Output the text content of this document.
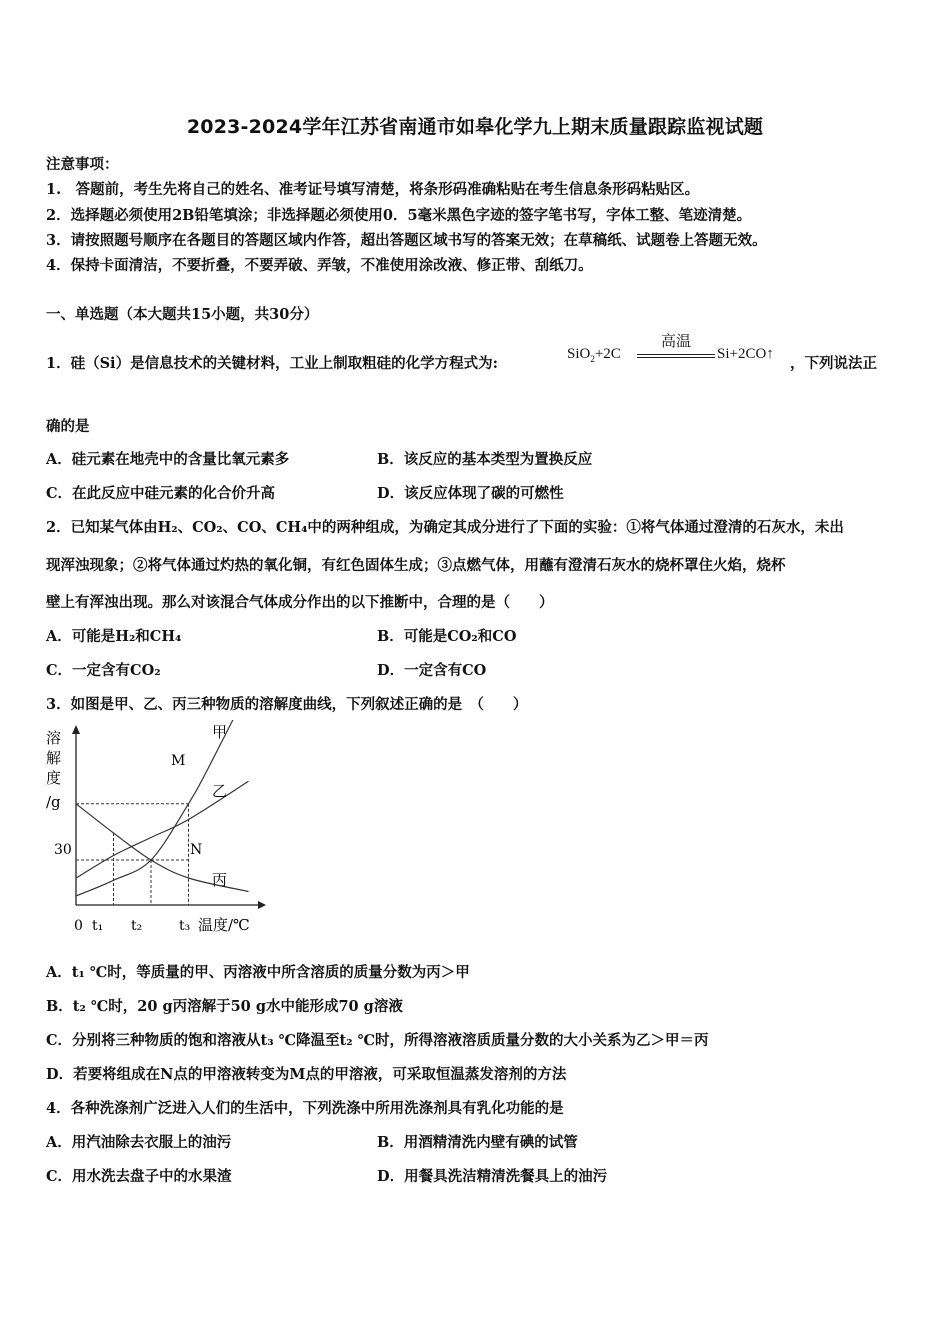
2023-2024学年江苏省南通市如皋化学九上期末质量跟踪监视试题
注意事项：
1.　答题前，考生先将自己的姓名、准考证号填写清楚，将条形码准确粘贴在考生信息条形码粘贴区。
2．选择题必须使用2B铅笔填涂；非选择题必须使用0．5毫米黑色字迹的签字笔书写，字体工整、笔迹清楚。
3．请按照题号顺序在各题目的答题区域内作答，超出答题区域书写的答案无效；在草稿纸、试题卷上答题无效。
4．保持卡面清洁，不要折叠，不要弄破、弄皱，不准使用涂改液、修正带、刮纸刀。
一、单选题（本大题共15小题，共30分）
1．硅（Si）是信息技术的关键材料，工业上制取粗硅的化学方程式为:
SiO$_2$+2C
高温
Si+2CO↑
，下列说法正
确的是
A．硅元素在地壳中的含量比氧元素多	B．该反应的基本类型为置换反应
C．在此反应中硅元素的化合价升高	D．该反应体现了碳的可燃性
2．已知某气体由H₂、CO₂、CO、CH₄中的两种组成，为确定其成分进行了下面的实验：①将气体通过澄清的石灰水，未出
现浑浊现象；②将气体通过灼热的氧化铜，有红色固体生成；③点燃气体，用蘸有澄清石灰水的烧杯罩住火焰，烧杯
壁上有浑浊出现。那么对该混合气体成分作出的以下推断中，合理的是（　　）
A．可能是H₂和CH₄	B．可能是CO₂和CO
C．一定含有CO₂	D．一定含有CO
3．如图是甲、乙、丙三种物质的溶解度曲线，下列叙述正确的是　（　　）
溶
解
度
/g
30
0 t₁ t₂	t₃ 温度/℃
甲
乙
丙
M
N
A．t₁ ℃时，等质量的甲、丙溶液中所含溶质的质量分数为丙＞甲
B．t₂ ℃时，20 g丙溶解于50 g水中能形成70 g溶液
C．分别将三种物质的饱和溶液从t₃ ℃降温至t₂ ℃时，所得溶液溶质质量分数的大小关系为乙＞甲＝丙
D．若要将组成在N点的甲溶液转变为M点的甲溶液，可采取恒温蒸发溶剂的方法
4．各种洗涤剂广泛进入人们的生活中，下列洗涤中所用洗涤剂具有乳化功能的是
A．用汽油除去衣服上的油污	B．用酒精清洗内壁有碘的试管
C．用水洗去盘子中的水果渣	D．用餐具洗洁精清洗餐具上的油污
